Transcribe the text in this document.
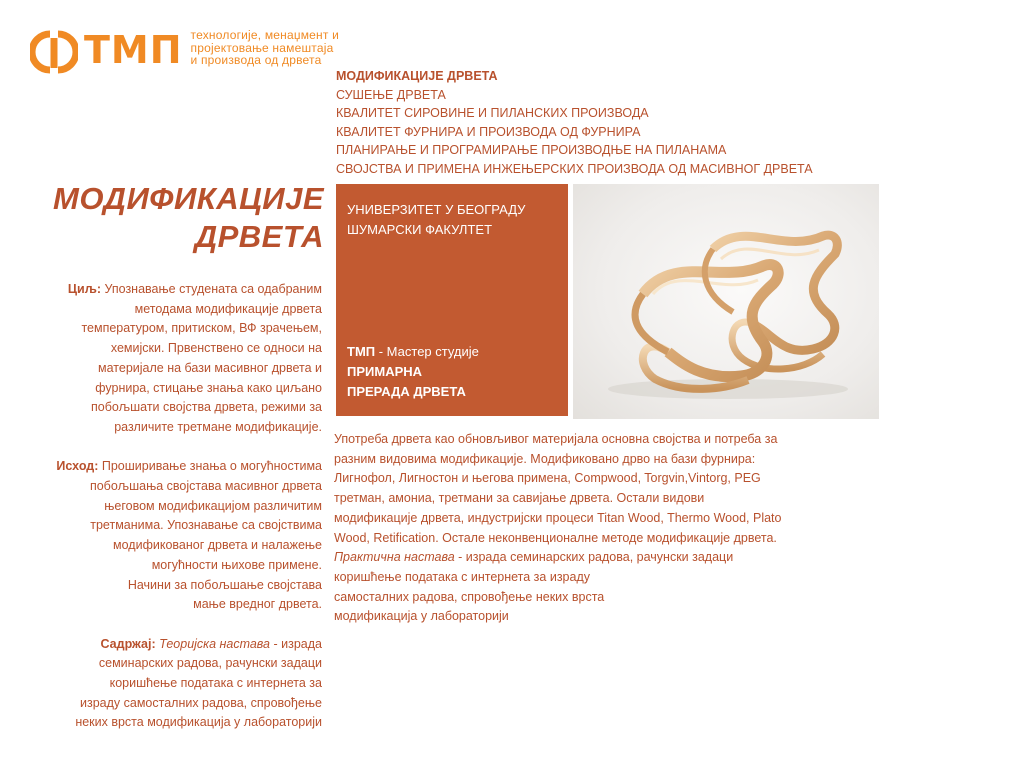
ТМП технологије, менаџмент и
пројектовање намештаја
и производа од дрвета
МОДИФИКАЦИЈЕ ДРВЕТА
СУШЕЊЕ ДРВЕТА
КВАЛИТЕТ СИРОВИНЕ И ПИЛАНСКИХ ПРОИЗВОДА
КВАЛИТЕТ ФУРНИРА И ПРОИЗВОДА ОД ФУРНИРА
ПЛАНИРАЊЕ И ПРОГРАМИРАЊЕ ПРОИЗВОДЊЕ НА ПИЛАНАМА
СВОЈСТВА И ПРИМЕНА ИНЖЕЊЕРСКИХ ПРОИЗВОДА ОД МАСИВНОГ ДРВЕТА
МОДИФИКАЦИЈЕ
ДРВЕТА
Циљ: Упознавање студената са одабраним
методама модификације дрвета
температуром, притиском, ВФ зрачењем,
хемијски. Првенствено се односи на
материјале на бази масивног дрвета и
фурнира, стицање знања како циљано
побољшати својства дрвета, режими за
различите третмане модификације.
Исход: Проширивање знања о могућностима
побољшања својстава масивног дрвета
његовом модификацијом различитим
третманима. Упознавање са својствима
модификованог дрвета и налажење
могућности њихове примене.
Начини за побољшање својстава
мање вредног дрвета.
Садржај: Теоријска настава - израда
семинарских радова, рачунски задаци
коришћење података с интернета за
израду самосталних радова, спровођење
неких врста модификација у лабораторији
УНИВЕРЗИТЕТ У БЕОГРАДУ
ШУМАРСКИ ФАКУЛТЕТ
ТМП - Мастер студије
ПРИМАРНА
ПРЕРАДА ДРВЕТА
Употреба дрвета као обновљивог материјала основна својства и потреба за
разним видовима модификације. Модификовано дрво на бази фурнира:
Лигнофол, Лигностон и његова примена, Compwood, Torgvin,Vintorg, PEG
третман, амониа, третмани за савијање дрвета. Остали видови
модификације дрвета, индустријски процеси Titan Wood, Thermo Wood, Plato
Wood, Retification. Остале неконвенционалне методе модификације дрвета.
Практична настава - израда семинарских радова, рачунски задаци
коришћење података с интернета за израду
самосталних радова, спровођење неких врста
модификација у лабораторији
